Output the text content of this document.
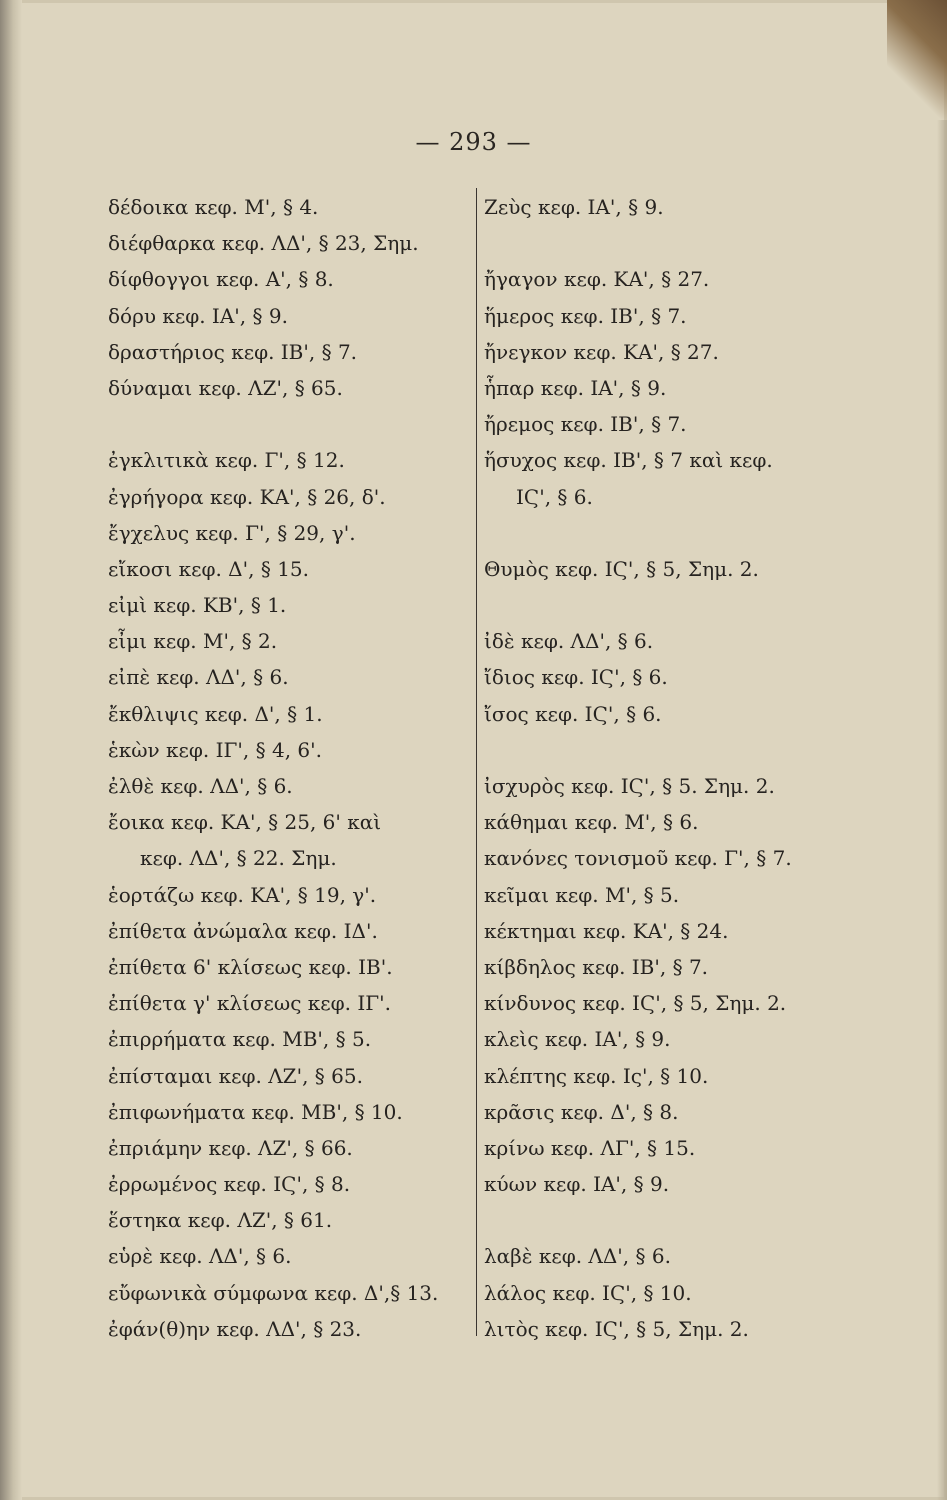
— 293 —
δέδοικα κεφ. Μ', § 4.
διέφθαρκα κεφ. ΛΔ', § 23, Σημ.
δίφθογγοι κεφ. Α', § 8.
δόρυ κεφ. ΙΑ', § 9.
δραστήριος κεφ. ΙΒ', § 7.
δύναμαι κεφ. ΛΖ', § 65.
ἐγκλιτικὰ κεφ. Γ', § 12.
ἐγρήγορα κεφ. ΚΑ', § 26, δ'.
ἔγχελυς κεφ. Γ', § 29, γ'.
εἴκοσι κεφ. Δ', § 15.
εἰμὶ κεφ. ΚΒ', § 1.
εἶμι κεφ. Μ', § 2.
εἰπὲ κεφ. ΛΔ', § 6.
ἔκθλιψις κεφ. Δ', § 1.
ἑκὼν κεφ. ΙΓ', § 4, 6'.
ἐλθὲ κεφ. ΛΔ', § 6.
ἔοικα κεφ. ΚΑ', § 25, 6' καὶ
κεφ. ΛΔ', § 22. Σημ.
ἑορτάζω κεφ. ΚΑ', § 19, γ'.
ἐπίθετα ἀνώμαλα κεφ. ΙΔ'.
ἐπίθετα 6' κλίσεως κεφ. ΙΒ'.
ἐπίθετα γ' κλίσεως κεφ. ΙΓ'.
ἐπιρρήματα κεφ. ΜΒ', § 5.
ἐπίσταμαι κεφ. ΛΖ', § 65.
ἐπιφωνήματα κεφ. ΜΒ', § 10.
ἐπριάμην κεφ. ΛΖ', § 66.
ἐρρωμένος κεφ. ΙϚ', § 8.
ἕστηκα κεφ. ΛΖ', § 61.
εὑρὲ κεφ. ΛΔ', § 6.
εὔφωνικὰ σύμφωνα κεφ. Δ',§ 13.
ἐφάν(θ)ην κεφ. ΛΔ', § 23.
Ζεὺς κεφ. ΙΑ', § 9.
ἤγαγον κεφ. ΚΑ', § 27.
ἥμερος κεφ. ΙΒ', § 7.
ἤνεγκον κεφ. ΚΑ', § 27.
ἧπαρ κεφ. ΙΑ', § 9.
ἤρεμος κεφ. ΙΒ', § 7.
ἥσυχος κεφ. ΙΒ', § 7 καὶ κεφ.
ΙϚ', § 6.
Θυμὸς κεφ. ΙϚ', § 5, Σημ. 2.
ἰδὲ κεφ. ΛΔ', § 6.
ἴδιος κεφ. ΙϚ', § 6.
ἴσος κεφ. ΙϚ', § 6.
ἰσχυρὸς κεφ. ΙϚ', § 5. Σημ. 2.
κάθημαι κεφ. Μ', § 6.
κανόνες τονισμοῦ κεφ. Γ', § 7.
κεῖμαι κεφ. Μ', § 5.
κέκτημαι κεφ. ΚΑ', § 24.
κίβδηλος κεφ. ΙΒ', § 7.
κίνδυνος κεφ. ΙϚ', § 5, Σημ. 2.
κλεὶς κεφ. ΙΑ', § 9.
κλέπτης κεφ. Ις', § 10.
κρᾶσις κεφ. Δ', § 8.
κρίνω κεφ. ΛΓ', § 15.
κύων κεφ. ΙΑ', § 9.
λαβὲ κεφ. ΛΔ', § 6.
λάλος κεφ. ΙϚ', § 10.
λιτὸς κεφ. ΙϚ', § 5, Σημ. 2.
